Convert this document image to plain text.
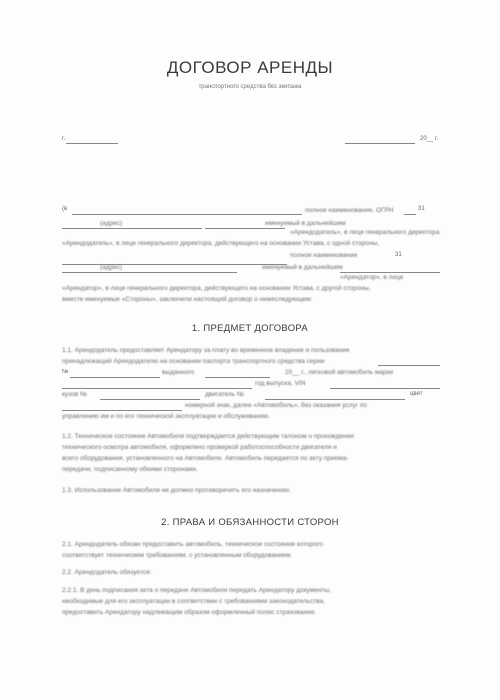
ДОГОВОР АРЕНДЫ
транспортного средства без экипажа
г.	20__ г.
(в	полное наименование, ОГРН	31
(адрес)	именуемый в дальнейшем
«Арендодатель», в лице генерального директора
«Арендодатель», в лице генерального директора, действующего на основании Устава, с одной стороны,
полное наименование	31
(адрес)	именуемый в дальнейшем
«Арендатор», в лице
«Арендатор», в лице генерального директора, действующего на основании Устава, с другой стороны,
вместе именуемые «Стороны», заключили настоящий договор о нижеследующем:
1. ПРЕДМЕТ ДОГОВОРА
1.1. Арендодатель предоставляет Арендатору за плату во временное владение и пользование
принадлежащий Арендодателю на основании паспорта транспортного средства серии
№	выданного	20__ г., легковой автомобиль марки
год выпуска, VIN
кузов №	двигатель №	цвет
номерной знак, далее «Автомобиль», без оказания услуг по
управлению им и по его технической эксплуатации и обслуживанию.
1.2. Техническое состояние Автомобиля подтверждается действующим талоном о прохождении
технического осмотра автомобиля, оформлено проверкой работоспособности двигателя и
всего оборудования, установленного на Автомобиле. Автомобиль передается по акту приема-
передачи, подписанному обеими сторонами.
1.3. Использование Автомобиля не должно противоречить его назначению.
2. ПРАВА И ОБЯЗАННОСТИ СТОРОН
2.1. Арендодатель обязан предоставить автомобиль, техническое состояние которого
соответствует техническим требованиям, с установленным оборудованием.
2.2. Арендодатель обязуется:
2.2.1. В день подписания акта о передаче Автомобиля передать Арендатору документы,
необходимые для его эксплуатации в соответствии с требованиями законодательства,
предоставить Арендатору надлежащим образом оформленный полис страхования.
